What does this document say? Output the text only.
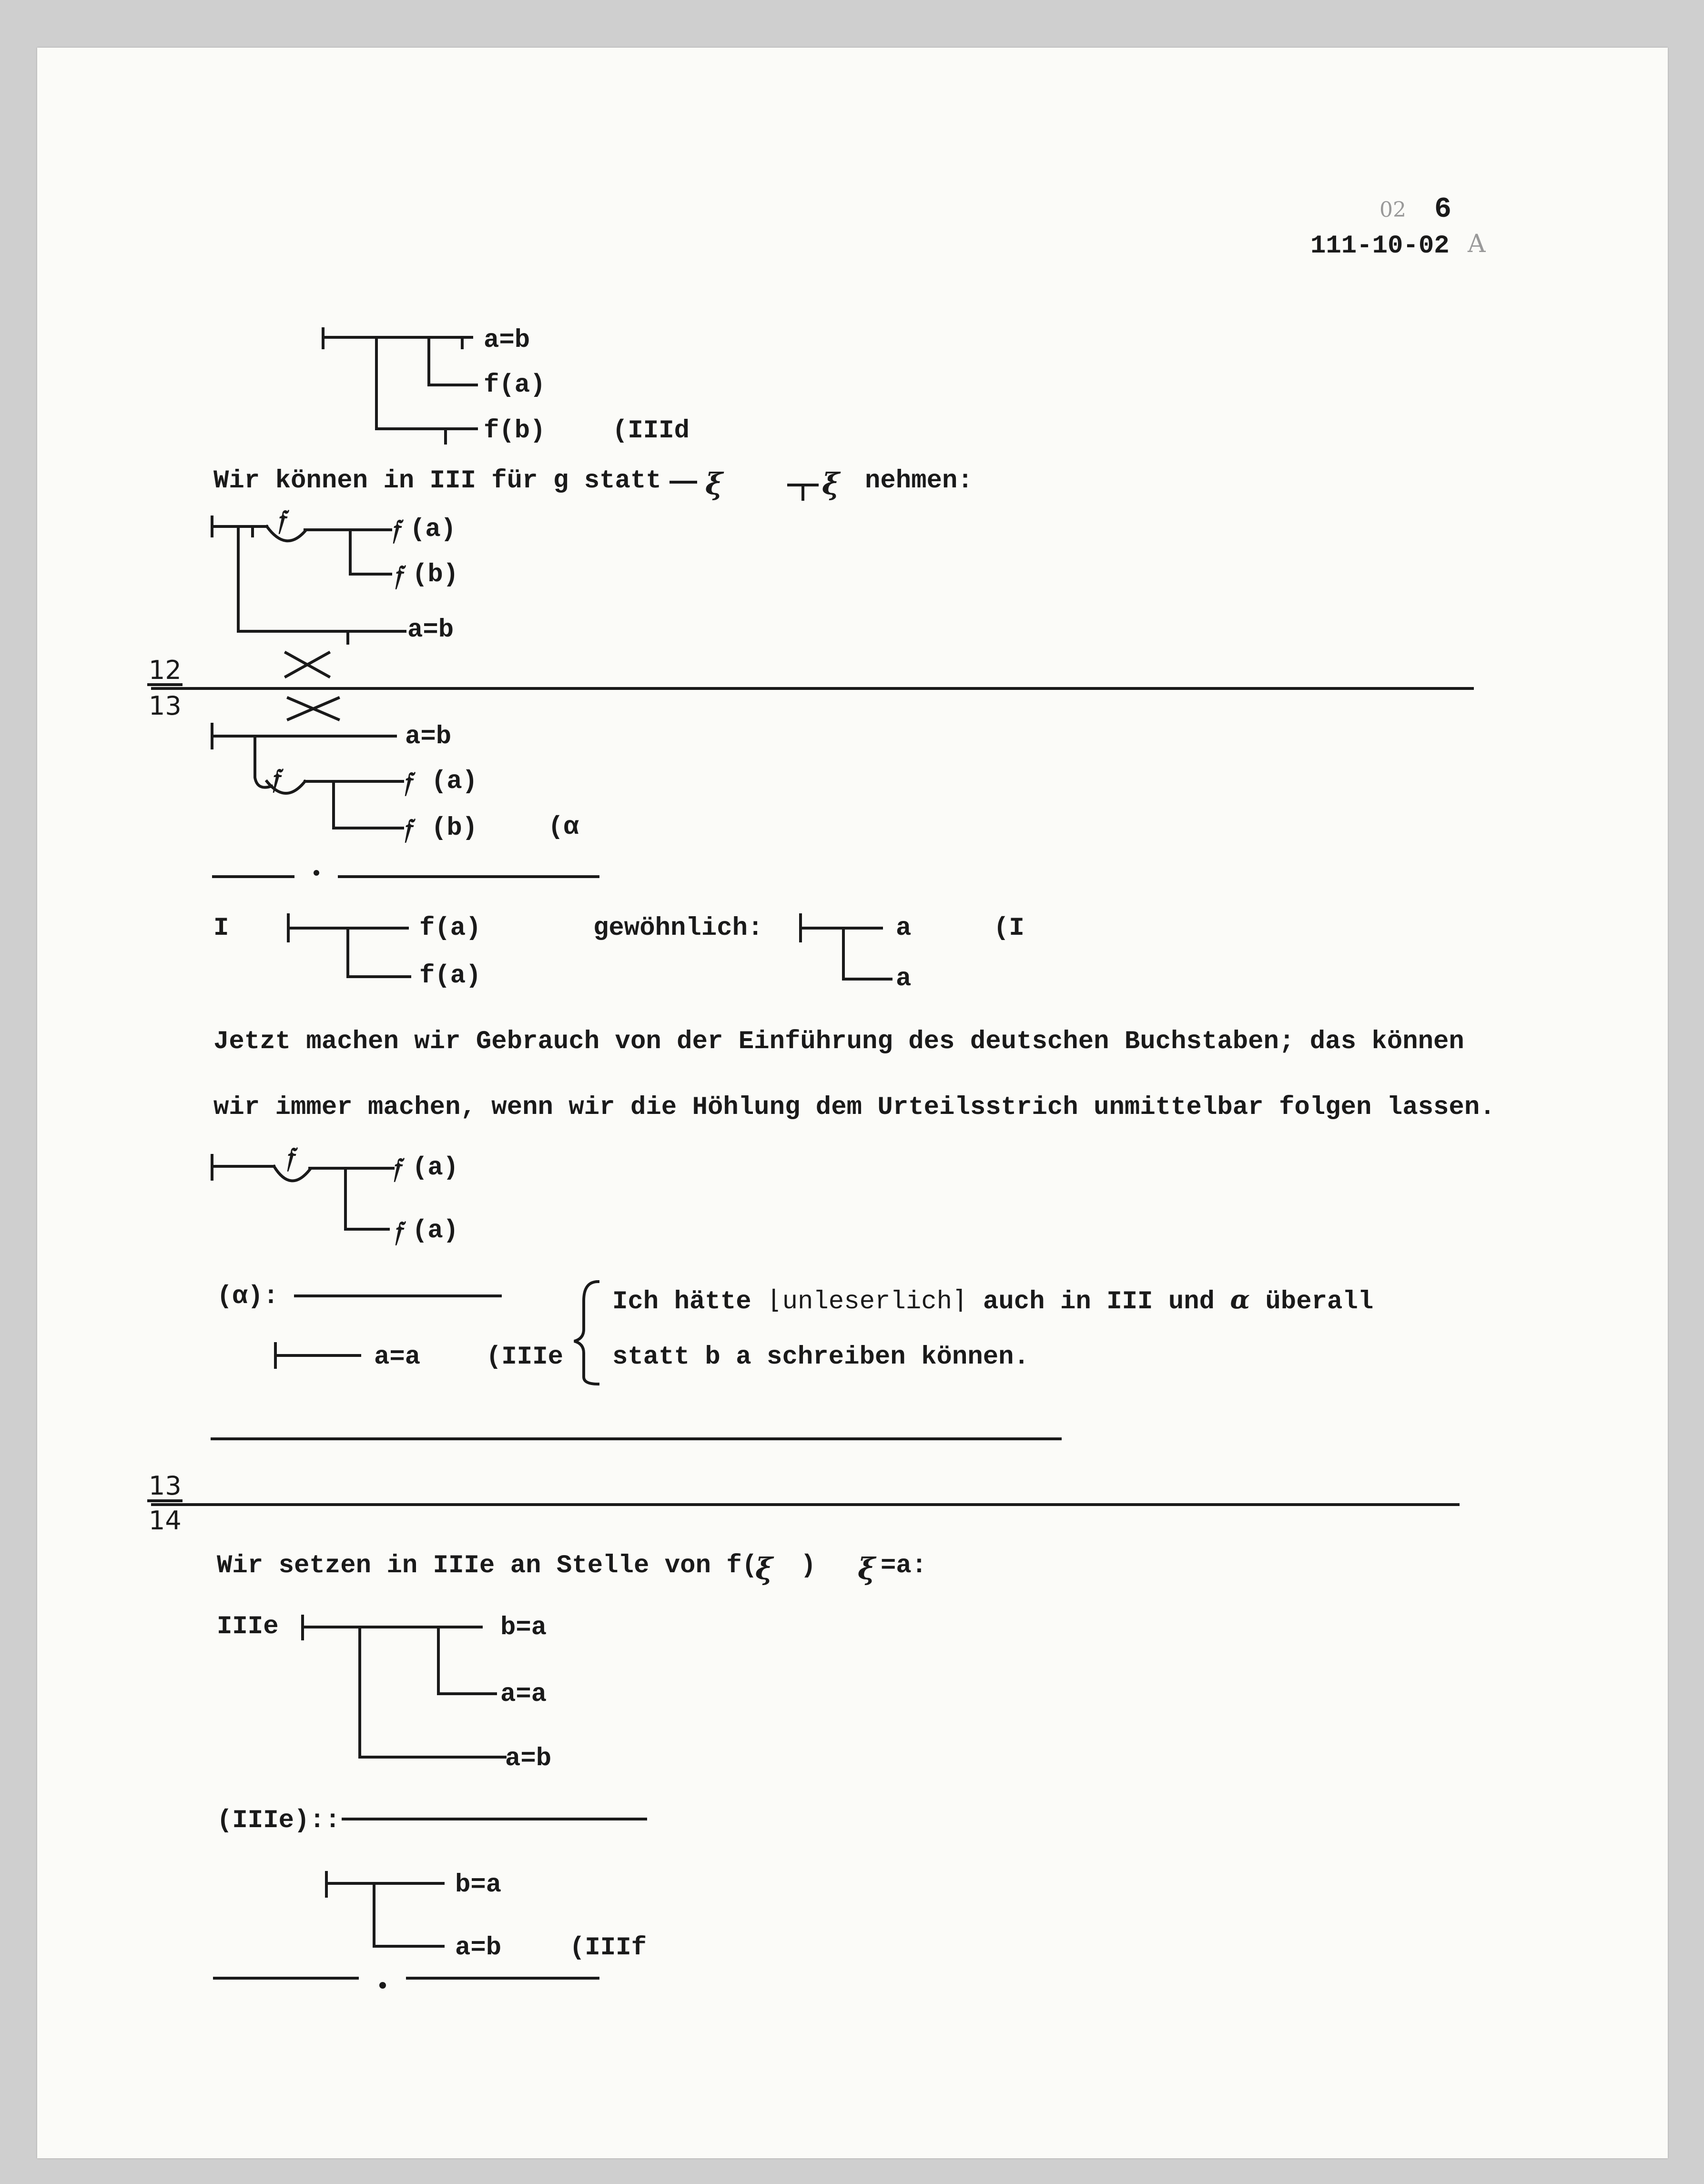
02 6
111-10-02 A
a=b
f(a)
f(b)	(IIId
Wir können in III für g statt ξ	ξ nehmen:
𝔣	𝔣 (a)
𝔣 (b)
a=b
12
13
a=b
𝔣	𝔣 (a)
𝔣 (b)	(α
I	f(a)
f(a)
gewöhnlich:	a
a
(I
Jetzt machen wir Gebrauch von der Einführung des deutschen Buchstaben; das können
wir immer machen, wenn wir die Höhlung dem Urteilsstrich unmittelbar folgen lassen.
𝔣	𝔣 (a)
𝔣 (a)
(α):
a=a	(IIIe
Ich hätte ⌊unleserlich⌉ auch in III und α überall
statt b a schreiben können.
13
14
Wir setzen in IIIe an Stelle von f(
ξ ) ξ =a:
IIIe	b=a
a=a
a=b
(IIIe)::
b=a
a=b	(IIIf
